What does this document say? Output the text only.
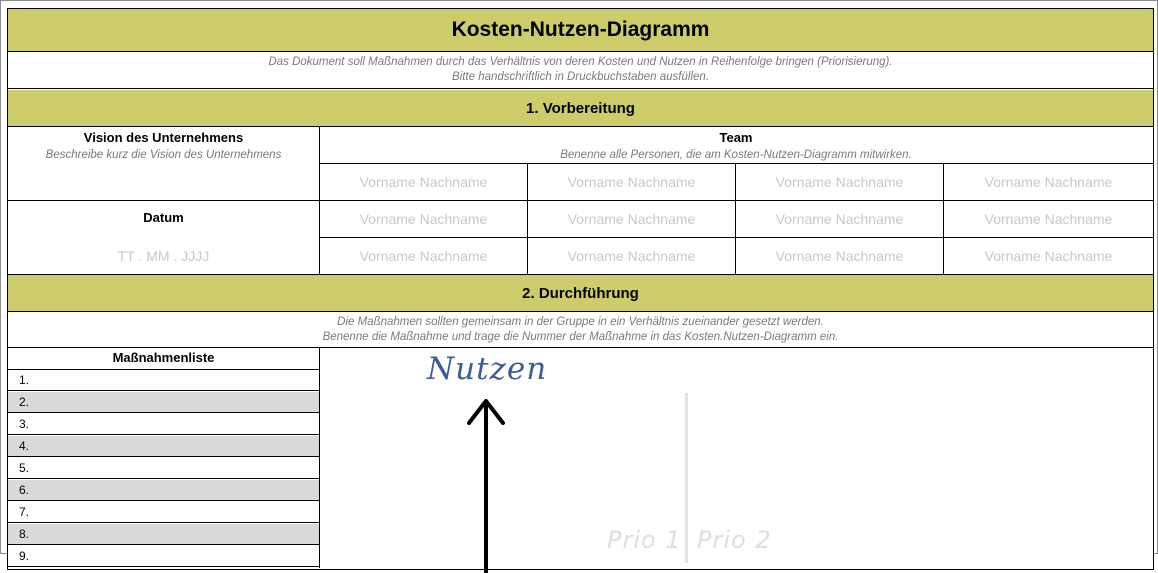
Kosten-Nutzen-Diagramm
Das Dokument soll Maßnahmen durch das Verhältnis von deren Kosten und Nutzen in Reihenfolge bringen (Priorisierung).
Bitte handschriftlich in Druckbuchstaben ausfüllen.
1. Vorbereitung
Vision des Unternehmens
Beschreibe kurz die Vision des Unternehmens
Datum
TT . MM . JJJJ
Team
Benenne alle Personen, die am Kosten-Nutzen-Diagramm mitwirken.
Vorname Nachname	Vorname Nachname	Vorname Nachname	Vorname Nachname
Vorname Nachname	Vorname Nachname	Vorname Nachname	Vorname Nachname
Vorname Nachname	Vorname Nachname	Vorname Nachname	Vorname Nachname
2. Durchführung
Die Maßnahmen sollten gemeinsam in der Gruppe in ein Verhältnis zueinander gesetzt werden.
Benenne die Maßnahme und trage die Nummer der Maßnahme in das Kosten.Nutzen-Diagramm ein.
Maßnahmenliste
1.
2.
3.
4.
5.
6.
7.
8.
9.
Nutzen
Prio 1 Prio 2
